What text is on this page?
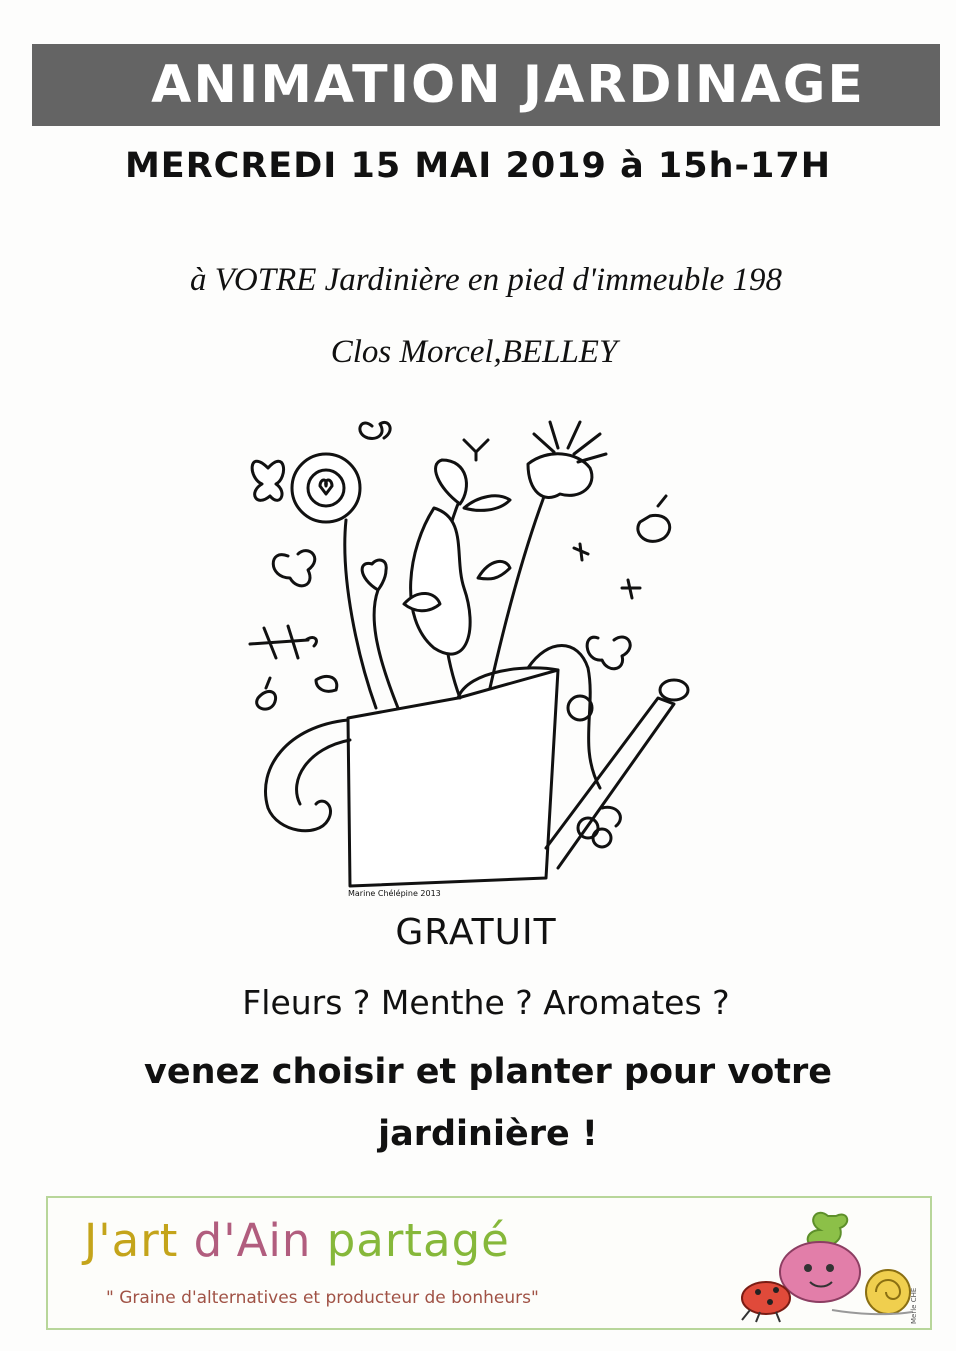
ANIMATION JARDINAGE
MERCREDI 15 MAI 2019 à 15h-17H
à VOTRE Jardinière en pied d'immeuble 198
Clos Morcel,BELLEY
Marine Chélépine 2013
GRATUIT
Fleurs ? Menthe ? Aromates ?
venez choisir et planter pour votre
jardinière !
J'art d'Ain partagé
" Graine d'alternatives et producteur de bonheurs"	Merle CHE
